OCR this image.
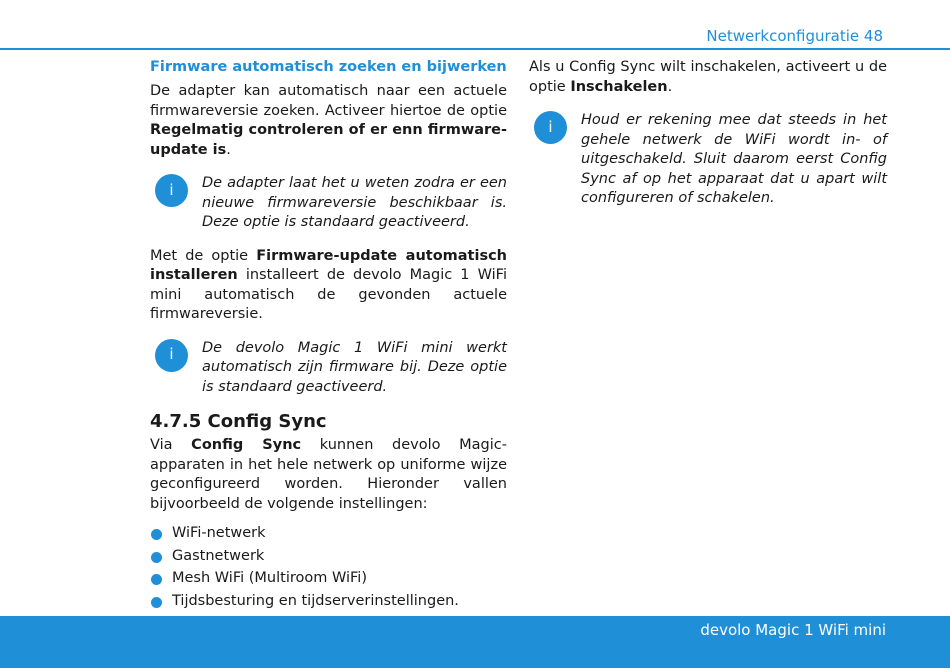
Netwerkconfiguratie 48

Firmware automatisch zoeken en bijwerken

De adapter kan automatisch naar een actuele firmwareversie zoeken. Activeer hiertoe de optie Regelmatig controleren of er enn firmware-update is.

i	De adapter laat het u weten zodra er een nieuwe firmwareversie beschikbaar is. Deze optie is standaard geactiveerd.

Met de optie Firmware-update automatisch installeren installeert de devolo Magic 1 WiFi mini automatisch de gevonden actuele firmwareversie.

i	De devolo Magic 1 WiFi mini werkt automatisch zijn firmware bij. Deze optie is standaard geactiveerd.

4.7.5 Config Sync

Via Config Sync kunnen devolo Magic-apparaten in het hele netwerk op uniforme wijze geconfigureerd worden. Hieronder vallen bijvoorbeeld de volgende instellingen:

WiFi-netwerk
Gastnetwerk
Mesh WiFi (Multiroom WiFi)
Tijdsbesturing en tijdserverinstellingen.

Als u Config Sync wilt inschakelen, activeert u de optie Inschakelen.

i	Houd er rekening mee dat steeds in het gehele netwerk de WiFi wordt in- of uitgeschakeld. Sluit daarom eerst Config Sync af op het apparaat dat u apart wilt configureren of schakelen.

devolo Magic 1 WiFi mini
